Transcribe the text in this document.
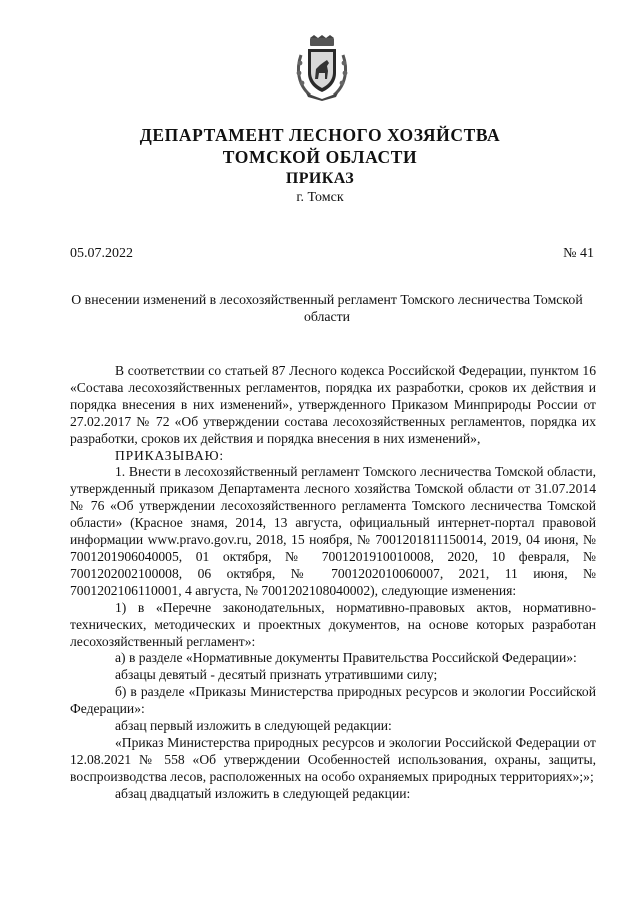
ДЕПАРТАМЕНТ ЛЕСНОГО ХОЗЯЙСТВА
ТОМСКОЙ ОБЛАСТИ
ПРИКАЗ
г. Томск
05.07.2022	№ 41
О внесении изменений в лесохозяйственный регламент Томского лесничества Томской области

В соответствии со статьей 87 Лесного кодекса Российской Федерации, пунктом 16 «Состава лесохозяйственных регламентов, порядка их разработки, сроков их действия и порядка внесения в них изменений», утвержденного Приказом Минприроды России от 27.02.2017 № 72 «Об утверждении состава лесохозяйственных регламентов, порядка их разработки, сроков их действия и порядка внесения в них изменений»,

ПРИКАЗЫВАЮ:

1. Внести в лесохозяйственный регламент Томского лесничества Томской области, утвержденный приказом Департамента лесного хозяйства Томской области от 31.07.2014 № 76 «Об утверждении лесохозяйственного регламента Томского лесничества Томской области» (Красное знамя, 2014, 13 августа, официальный интернет-портал правовой информации www.pravo.gov.ru, 2018, 15 ноября, № 7001201811150014, 2019, 04 июня, № 7001201906040005, 01 октября, № 7001201910010008, 2020, 10 февраля, № 7001202002100008, 06 октября, № 7001202010060007, 2021, 11 июня, № 7001202106110001, 4 августа, № 7001202108040002), следующие изменения:

1) в «Перечне законодательных, нормативно-правовых актов, нормативно-технических, методических и проектных документов, на основе которых разработан лесохозяйственный регламент»:

а) в разделе «Нормативные документы Правительства Российской Федерации»:

абзацы девятый - десятый признать утратившими силу;

б) в разделе «Приказы Министерства природных ресурсов и экологии Российской Федерации»:

абзац первый изложить в следующей редакции:

«Приказ Министерства природных ресурсов и экологии Российской Федерации от 12.08.2021 № 558 «Об утверждении Особенностей использования, охраны, защиты, воспроизводства лесов, расположенных на особо охраняемых природных территориях»;»;

абзац двадцатый изложить в следующей редакции:
